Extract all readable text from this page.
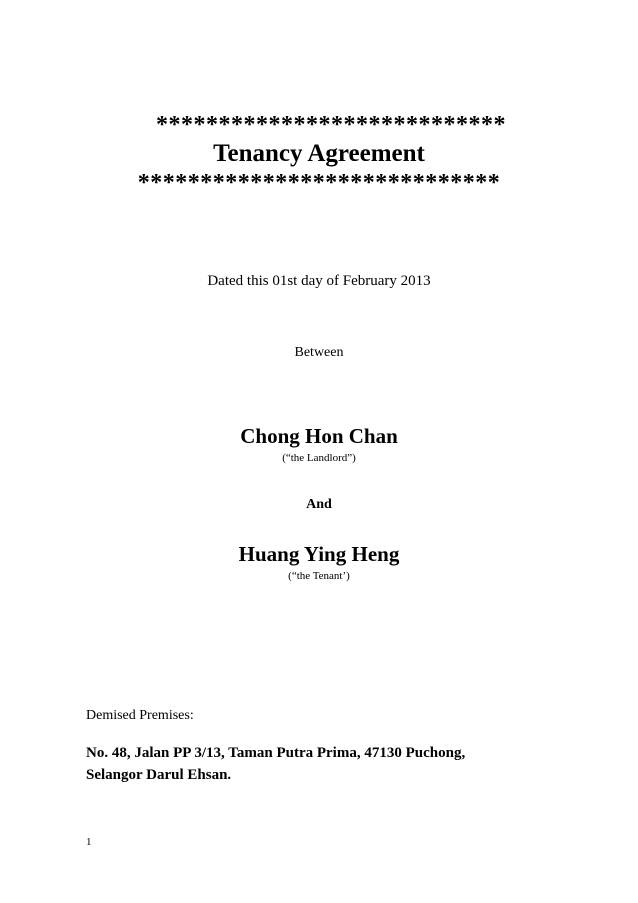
****************************
Tenancy Agreement
*****************************
Dated this 01st day of February 2013
Between
Chong Hon Chan
(“the Landlord”)
And
Huang Ying Heng
(“the Tenant’)
Demised Premises:
No. 48, Jalan PP 3/13, Taman Putra Prima, 47130 Puchong,
Selangor Darul Ehsan.
1
